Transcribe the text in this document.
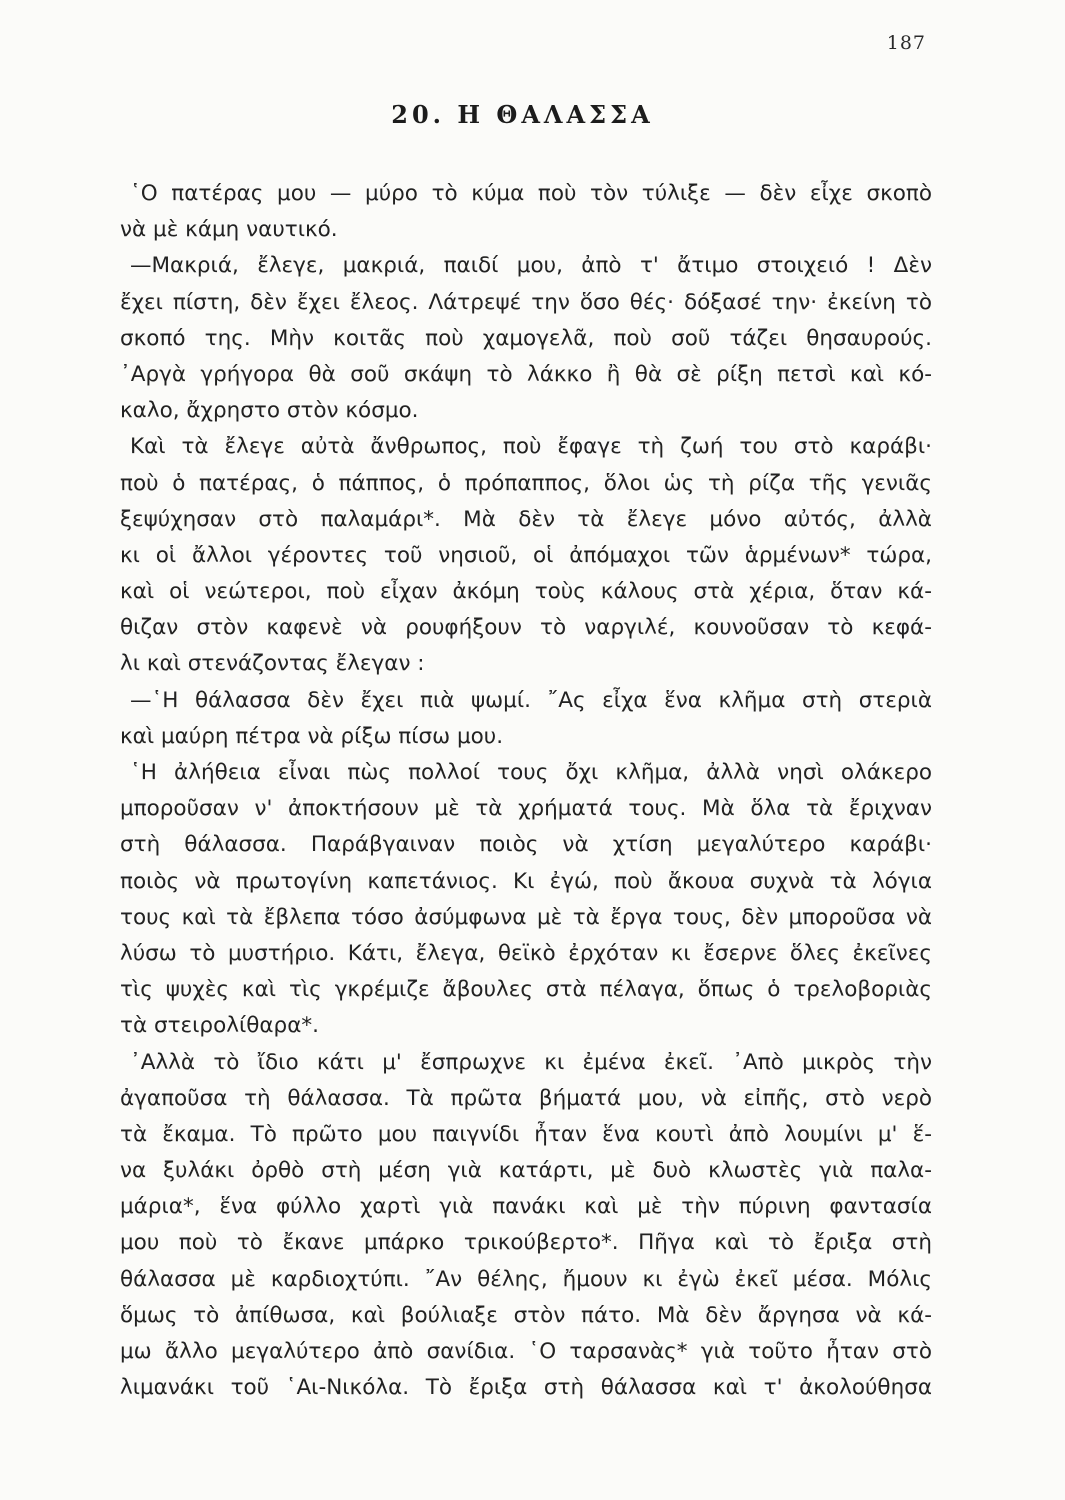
187
20. Η ΘΑΛΑΣΣΑ
῾Ο πατέρας μου — μύρο τὸ κύμα ποὺ τὸν τύλιξε — δὲν εἶχε σκοπὸ
νὰ μὲ κάμη ναυτικό.
—Μακριά, ἔλεγε, μακριά, παιδί μου, ἀπὸ τ' ἄτιμο στοιχειό ! Δὲν
ἔχει πίστη, δὲν ἔχει ἔλεος. Λάτρεψέ την ὅσο θές· δόξασέ την· ἐκείνη τὸ
σκοπό της. Μὴν κοιτᾶς ποὺ χαμογελᾶ, ποὺ σοῦ τάζει θησαυρούς.
᾿Αργὰ γρήγορα θὰ σοῦ σκάψη τὸ λάκκο ἢ θὰ σὲ ρίξη πετσὶ καὶ κό-
καλο, ἄχρηστο στὸν κόσμο.
Καὶ τὰ ἔλεγε αὐτὰ ἄνθρωπος, ποὺ ἔφαγε τὴ ζωή του στὸ καράβι·
ποὺ ὁ πατέρας, ὁ πάππος, ὁ πρόπαππος, ὅλοι ὡς τὴ ρίζα τῆς γενιᾶς
ξεψύχησαν στὸ παλαμάρι*. Μὰ δὲν τὰ ἔλεγε μόνο αὐτός, ἀλλὰ
κι οἱ ἄλλοι γέροντες τοῦ νησιοῦ, οἱ ἀπόμαχοι τῶν ἁρμένων* τώρα,
καὶ οἱ νεώτεροι, ποὺ εἶχαν ἀκόμη τοὺς κάλους στὰ χέρια, ὅταν κά-
θιζαν στὸν καφενὲ νὰ ρουφήξουν τὸ ναργιλέ, κουνοῦσαν τὸ κεφά-
λι καὶ στενάζοντας ἔλεγαν :
—῾Η θάλασσα δὲν ἔχει πιὰ ψωμί. ῎Ας εἶχα ἕνα κλῆμα στὴ στεριὰ
καὶ μαύρη πέτρα νὰ ρίξω πίσω μου.
῾Η ἀλήθεια εἶναι πὼς πολλοί τους ὄχι κλῆμα, ἀλλὰ νησὶ ολάκερο
μποροῦσαν ν' ἀποκτήσουν μὲ τὰ χρήματά τους. Μὰ ὅλα τὰ ἔριχναν
στὴ θάλασσα. Παράβγαιναν ποιὸς νὰ χτίση μεγαλύτερο καράβι·
ποιὸς νὰ πρωτογίνη καπετάνιος. Κι ἐγώ, ποὺ ἄκουα συχνὰ τὰ λόγια
τους καὶ τὰ ἔβλεπα τόσο ἀσύμφωνα μὲ τὰ ἔργα τους, δὲν μποροῦσα νὰ
λύσω τὸ μυστήριο. Κάτι, ἔλεγα, θεϊκὸ ἐρχόταν κι ἔσερνε ὅλες ἐκεῖνες
τὶς ψυχὲς καὶ τὶς γκρέμιζε ἄβουλες στὰ πέλαγα, ὅπως ὁ τρελοβοριὰς
τὰ στειρολίθαρα*.
᾿Αλλὰ τὸ ἴδιο κάτι μ' ἔσπρωχνε κι ἐμένα ἐκεῖ. ᾿Απὸ μικρὸς τὴν
ἀγαποῦσα τὴ θάλασσα. Τὰ πρῶτα βήματά μου, νὰ εἰπῆς, στὸ νερὸ
τὰ ἔκαμα. Τὸ πρῶτο μου παιγνίδι ἦταν ἕνα κουτὶ ἀπὸ λουμίνι μ' ἕ-
να ξυλάκι ὀρθὸ στὴ μέση γιὰ κατάρτι, μὲ δυὸ κλωστὲς γιὰ παλα-
μάρια*, ἕνα φύλλο χαρτὶ γιὰ πανάκι καὶ μὲ τὴν πύρινη φαντασία
μου ποὺ τὸ ἔκανε μπάρκο τρικούβερτο*. Πῆγα καὶ τὸ ἔριξα στὴ
θάλασσα μὲ καρδιοχτύπι. ῎Αν θέλης, ἤμουν κι ἐγὼ ἐκεῖ μέσα. Μόλις
ὅμως τὸ ἀπίθωσα, καὶ βούλιαξε στὸν πάτο. Μὰ δὲν ἄργησα νὰ κά-
μω ἄλλο μεγαλύτερο ἀπὸ σανίδια. ῾Ο ταρσανὰς* γιὰ τοῦτο ἦταν στὸ
λιμανάκι τοῦ ῾Αι-Νικόλα. Τὸ ἔριξα στὴ θάλασσα καὶ τ' ἀκολούθησα
